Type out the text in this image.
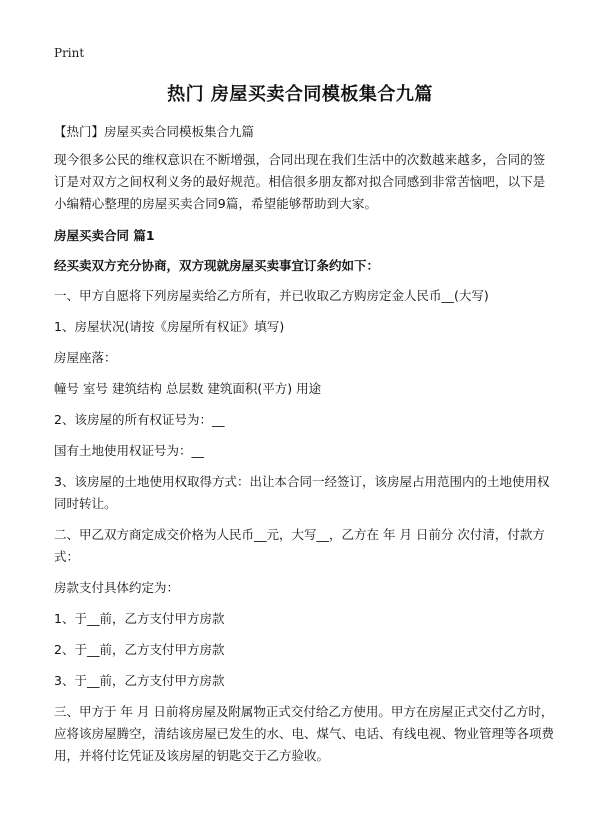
Print
热门 房屋买卖合同模板集合九篇

【热门】房屋买卖合同模板集合九篇

现今很多公民的维权意识在不断增强，合同出现在我们生活中的次数越来越多，合同的签订是对双方之间权利义务的最好规范。相信很多朋友都对拟合同感到非常苦恼吧，以下是小编精心整理的房屋买卖合同9篇，希望能够帮助到大家。

房屋买卖合同 篇1

经买卖双方充分协商，双方现就房屋买卖事宜订条约如下：

一、甲方自愿将下列房屋卖给乙方所有，并已收取乙方购房定金人民币__(大写)

1、房屋状况(请按《房屋所有权证》填写)

房屋座落：

幢号 室号 建筑结构 总层数 建筑面积(平方) 用途

2、该房屋的所有权证号为：__

国有土地使用权证号为：__

3、该房屋的土地使用权取得方式：出让本合同一经签订，该房屋占用范围内的土地使用权同时转让。

二、甲乙双方商定成交价格为人民币__元，大写__，乙方在 年 月 日前分 次付清，付款方式：

房款支付具体约定为：

1、于__前，乙方支付甲方房款

2、于__前，乙方支付甲方房款

3、于__前，乙方支付甲方房款

三、甲方于 年 月 日前将房屋及附属物正式交付给乙方使用。甲方在房屋正式交付乙方时，应将该房屋腾空，清结该房屋已发生的水、电、煤气、电话、有线电视、物业管理等各项费用，并将付讫凭证及该房屋的钥匙交于乙方验收。
